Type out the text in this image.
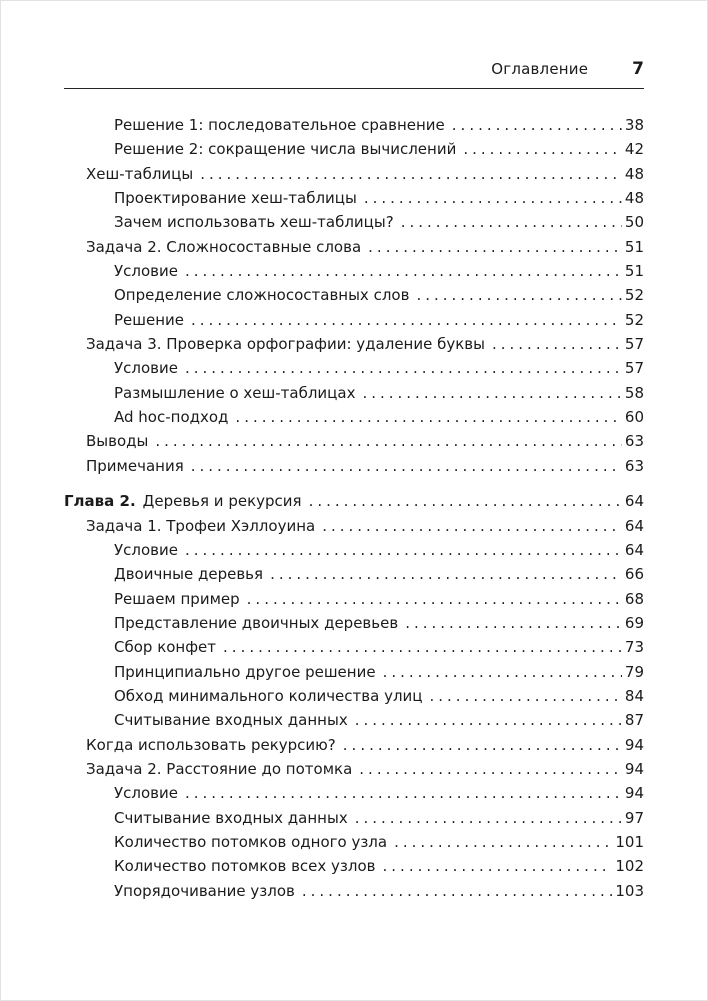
Оглавление	7
Решение 1: последовательное сравнение .....	38
Решение 2: сокращение числа вычислений .....	42
Хеш-таблицы .....	48
Проектирование хеш-таблицы .....	48
Зачем использовать хеш-таблицы? .....	50
Задача 2. Сложносоставные слова .....	51
Условие .....	51
Определение сложносоставных слов .....	52
Решение .....	52
Задача 3. Проверка орфографии: удаление буквы .....	57
Условие .....	57
Размышление о хеш-таблицах .....	58
Ad hoc-подход .....	60
Выводы .....	63
Примечания .....	63
Глава 2. Деревья и рекурсия .....	64
Задача 1. Трофеи Хэллоуина .....	64
Условие .....	64
Двоичные деревья .....	66
Решаем пример .....	68
Представление двоичных деревьев .....	69
Сбор конфет .....	73
Принципиально другое решение .....	79
Обход минимального количества улиц .....	84
Считывание входных данных .....	87
Когда использовать рекурсию? .....	94
Задача 2. Расстояние до потомка .....	94
Условие .....	94
Считывание входных данных .....	97
Количество потомков одного узла .....	101
Количество потомков всех узлов .....	102
Упорядочивание узлов .....	103
